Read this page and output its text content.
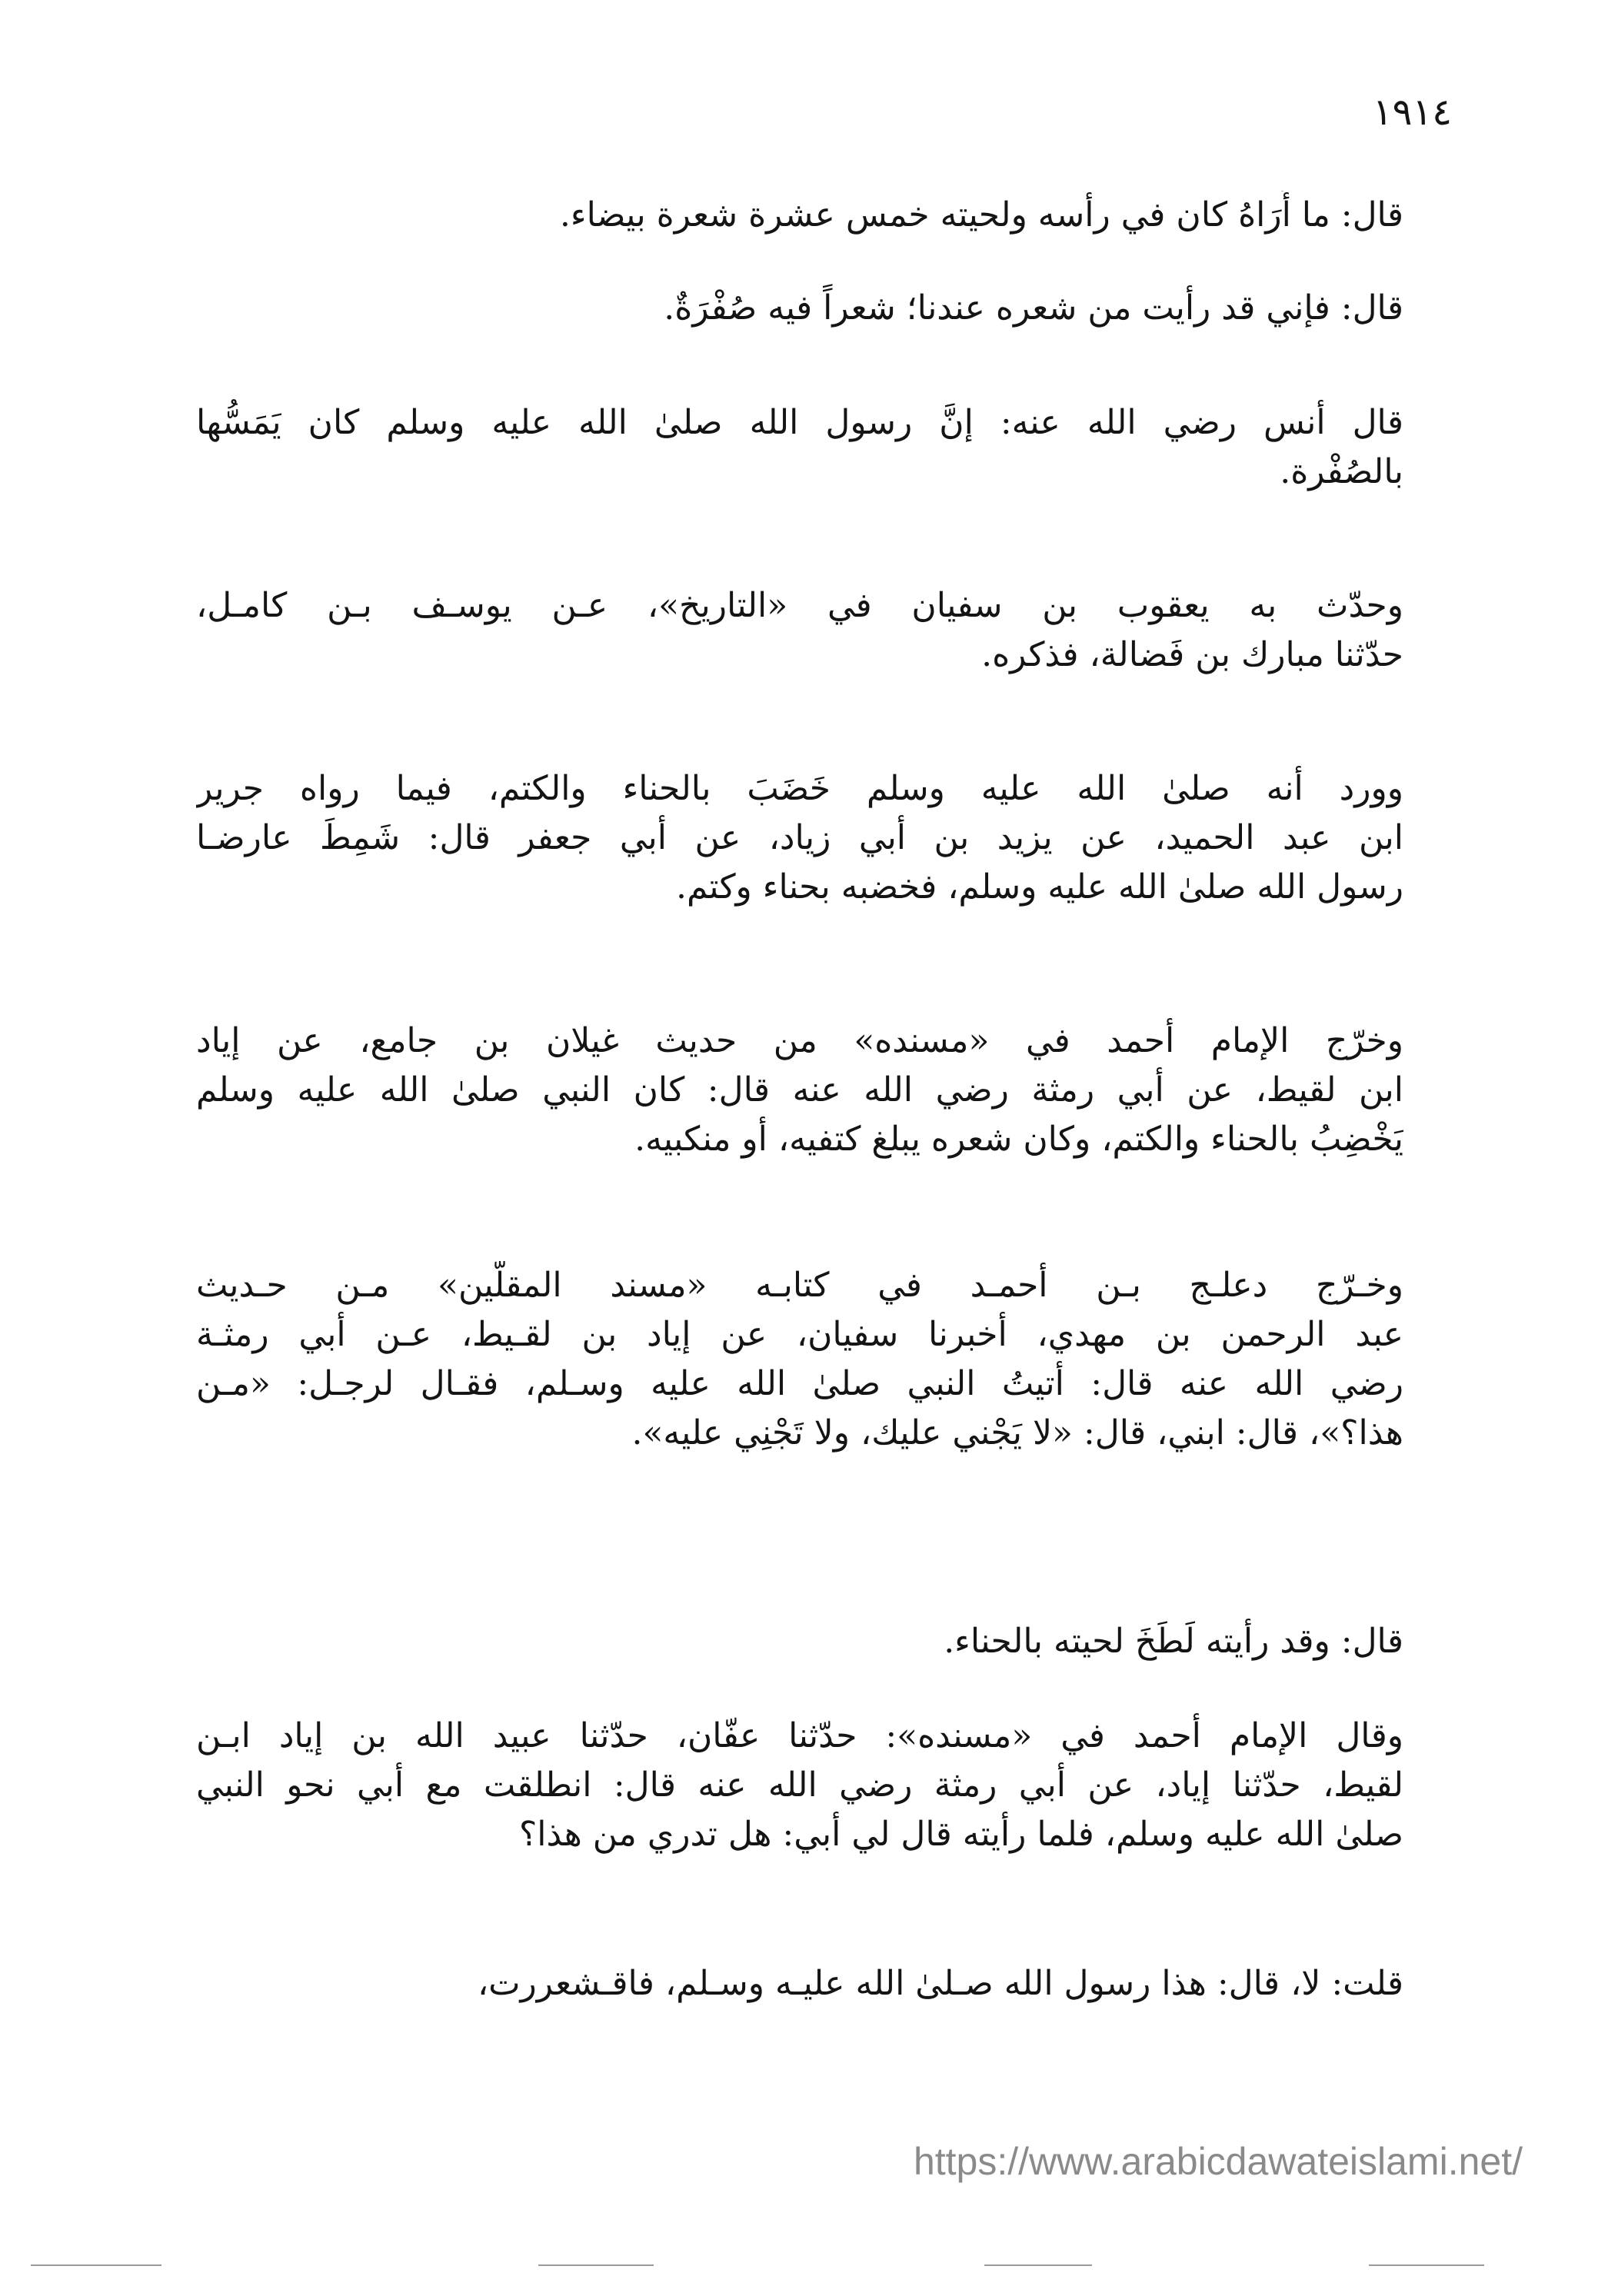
١٩١٤
قال: ما أُرَاهُ كان في رأسه ولحيته خمس عشرة شعرة بيضاء.
قال: فإني قد رأيت من شعره عندنا؛ شعراً فيه صُفْرَةٌ.
قال أنس رضي الله عنه: إنَّ رسول الله صلىٰ الله عليه وسلم كان يَمَسُّها
بالصُفْرة.
وحدّث به يعقوب بن سفيان في «التاريخ»، عـن يوسـف بـن كامـل،
حدّثنا مبارك بن فَضالة، فذكره.
وورد أنه صلىٰ الله عليه وسلم خَضَبَ بالحناء والكتم، فيما رواه جرير
ابن عبد الحميد، عن يزيد بن أبي زياد، عن أبي جعفر قال: شَمِطَ عارضـا
رسول الله صلىٰ الله عليه وسلم، فخضبه بحناء وكتم.
وخرّج الإمام أحمد في «مسنده» من حديث غيلان بن جامع، عن إياد
ابن لقيط، عن أبي رمثة رضي الله عنه قال: كان النبي صلىٰ الله عليه وسلم
يَخْضِبُ بالحناء والكتم، وكان شعره يبلغ كتفيه، أو منكبيه.
وخـرّج دعلـج بـن أحمـد في كتابـه «مسند المقلّين» مـن حـديث
عبد الرحمن بن مهدي، أخبرنا سفيان، عن إياد بن لقـيط، عـن أبي رمثـة
رضي الله عنه قال: أتيتُ النبي صلىٰ الله عليه وسـلم، فقـال لرجـل: «مـن
هذا؟»، قال: ابني، قال: «لا يَجْني عليك، ولا تَجْنِي عليه».
قال: وقد رأيته لَطَخَ لحيته بالحناء.
وقال الإمام أحمد في «مسنده»: حدّثنا عفّان، حدّثنا عبيد الله بن إياد ابـن
لقيط، حدّثنا إياد، عن أبي رمثة رضي الله عنه قال: انطلقت مع أبي نحو النبي
صلىٰ الله عليه وسلم، فلما رأيته قال لي أبي: هل تدري من هذا؟
قلت: لا، قال: هذا رسول الله صـلىٰ الله عليـه وسـلم، فاقـشعررت،
https://www.arabicdawateislami.net/
